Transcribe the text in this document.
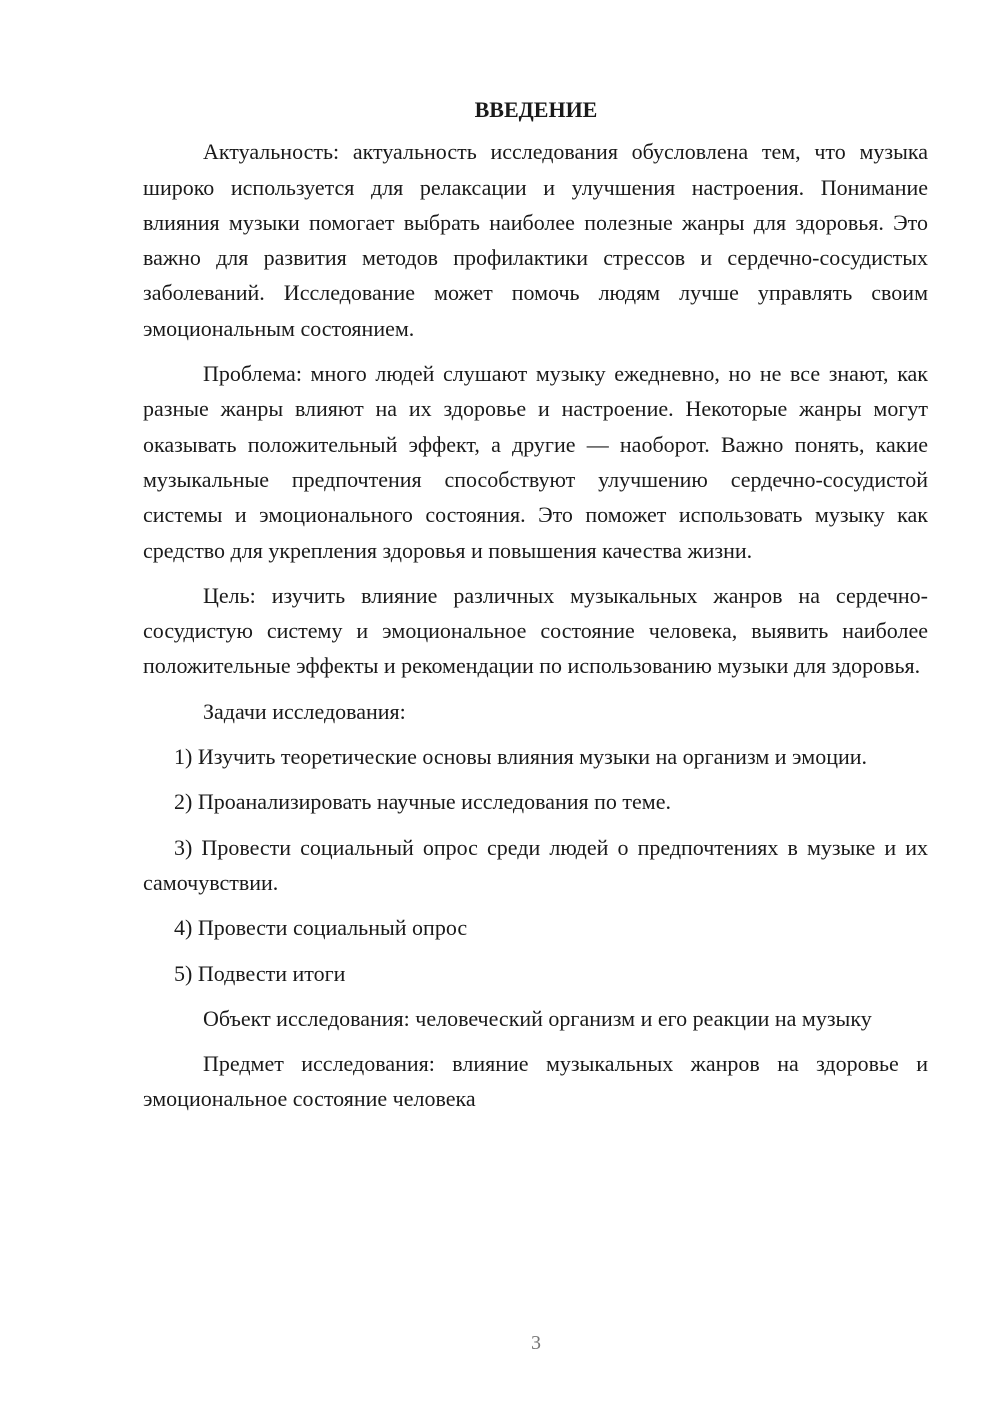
ВВЕДЕНИЕ

Актуальность: актуальность исследования обусловлена тем, что музыка широко используется для релаксации и улучшения настроения. Понимание влияния музыки помогает выбрать наиболее полезные жанры для здоровья. Это важно для развития методов профилактики стрессов и сердечно-сосудистых заболеваний. Исследование может помочь людям лучше управлять своим эмоциональным состоянием.

Проблема: много людей слушают музыку ежедневно, но не все знают, как разные жанры влияют на их здоровье и настроение. Некоторые жанры могут оказывать положительный эффект, а другие — наоборот. Важно понять, какие музыкальные предпочтения способствуют улучшению сердечно-сосудистой системы и эмоционального состояния. Это поможет использовать музыку как средство для укрепления здоровья и повышения качества жизни.

Цель: изучить влияние различных музыкальных жанров на сердечно-сосудистую систему и эмоциональное состояние человека, выявить наиболее положительные эффекты и рекомендации по использованию музыки для здоровья.

Задачи исследования:

1) Изучить теоретические основы влияния музыки на организм и эмоции.

2) Проанализировать научные исследования по теме.

3) Провести социальный опрос среди людей о предпочтениях в музыке и их самочувствии.

4) Провести социальный опрос

5) Подвести итоги

Объект исследования: человеческий организм и его реакции на музыку

Предмет исследования: влияние музыкальных жанров на здоровье и эмоциональное состояние человека

3
